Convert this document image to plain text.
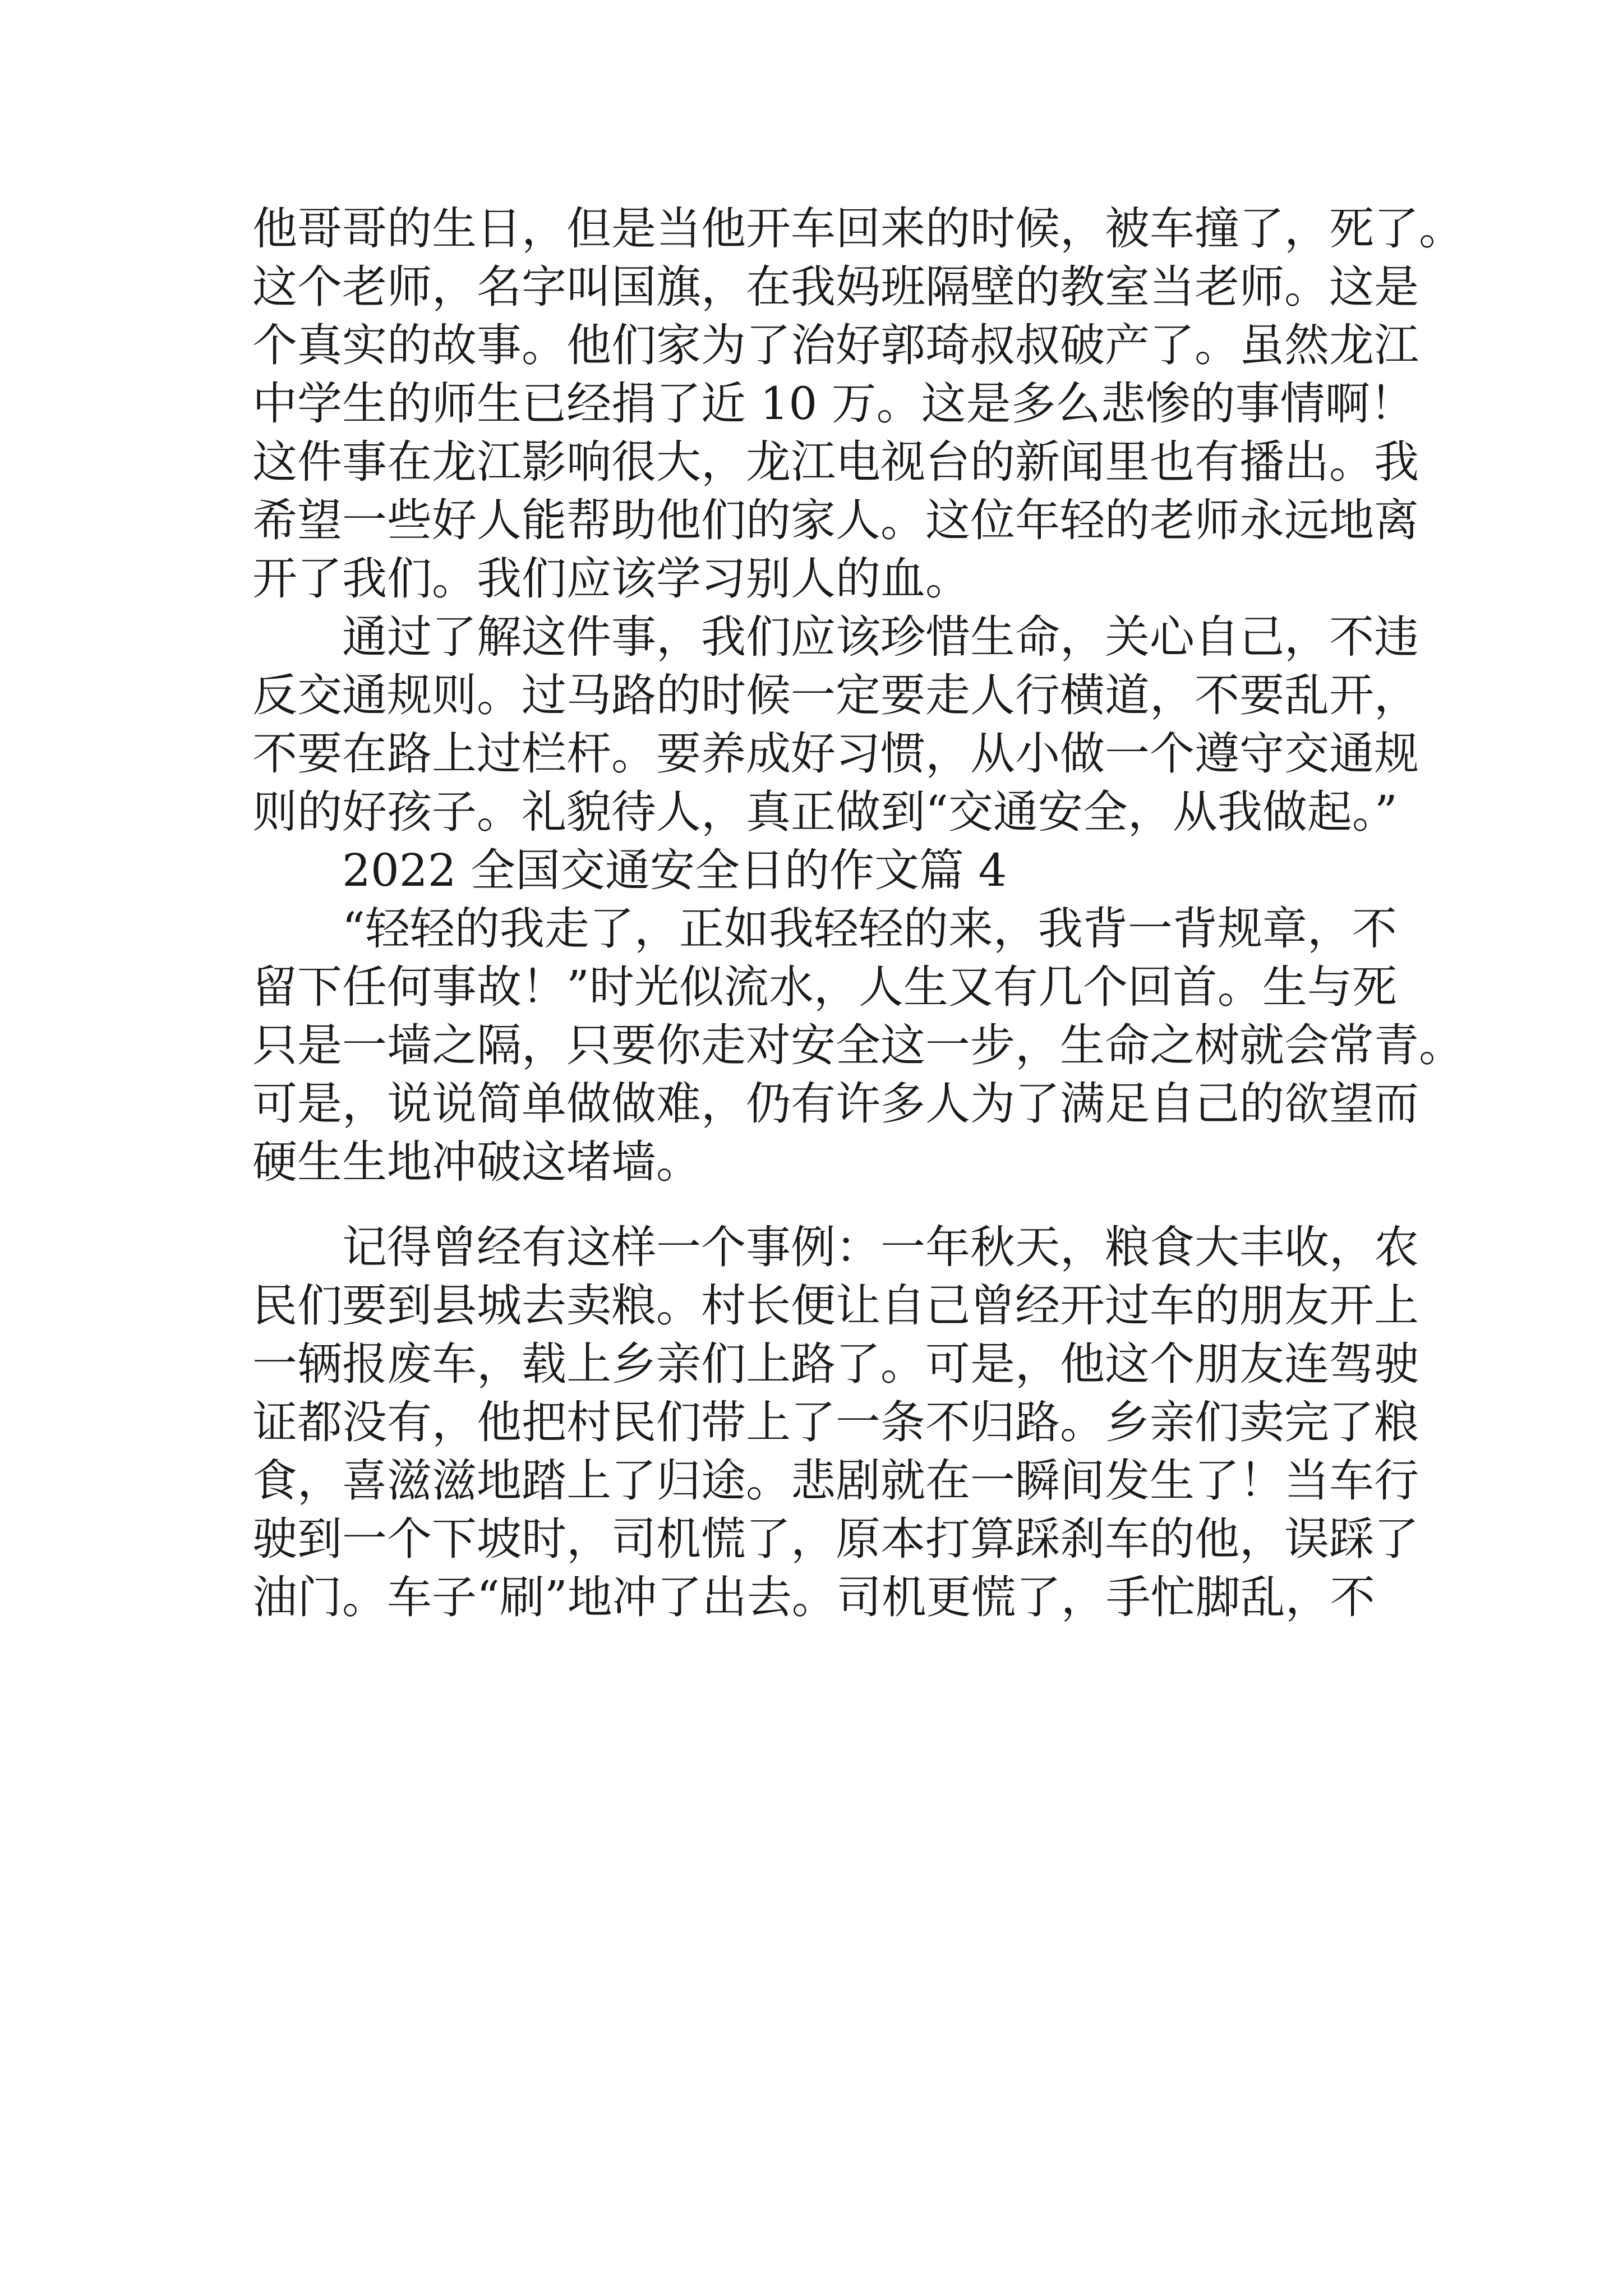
他哥哥的生日，但是当他开车回来的时候，被车撞了，死了。

这个老师，名字叫国旗，在我妈班隔壁的教室当老师。这是

个真实的故事。他们家为了治好郭琦叔叔破产了。虽然龙江

中学生的师生已经捐了近 10 万。这是多么悲惨的事情啊！

这件事在龙江影响很大，龙江电视台的新闻里也有播出。我

希望一些好人能帮助他们的家人。这位年轻的老师永远地离

开了我们。我们应该学习别人的血。

　　通过了解这件事，我们应该珍惜生命，关心自己，不违

反交通规则。过马路的时候一定要走人行横道，不要乱开，

不要在路上过栏杆。要养成好习惯，从小做一个遵守交通规

则的好孩子。礼貌待人，真正做到“交通安全，从我做起。”

　　2022 全国交通安全日的作文篇 4

　　“轻轻的我走了，正如我轻轻的来，我背一背规章，不

留下任何事故！”时光似流水，人生又有几个回首。生与死

只是一墙之隔，只要你走对安全这一步，生命之树就会常青。

可是，说说简单做做难，仍有许多人为了满足自己的欲望而

硬生生地冲破这堵墙。

　　记得曾经有这样一个事例：一年秋天，粮食大丰收，农

民们要到县城去卖粮。村长便让自己曾经开过车的朋友开上

一辆报废车，载上乡亲们上路了。可是，他这个朋友连驾驶

证都没有，他把村民们带上了一条不归路。乡亲们卖完了粮

食，喜滋滋地踏上了归途。悲剧就在一瞬间发生了！当车行

驶到一个下坡时，司机慌了，原本打算踩刹车的他，误踩了

油门。车子“刷”地冲了出去。司机更慌了，手忙脚乱，不
